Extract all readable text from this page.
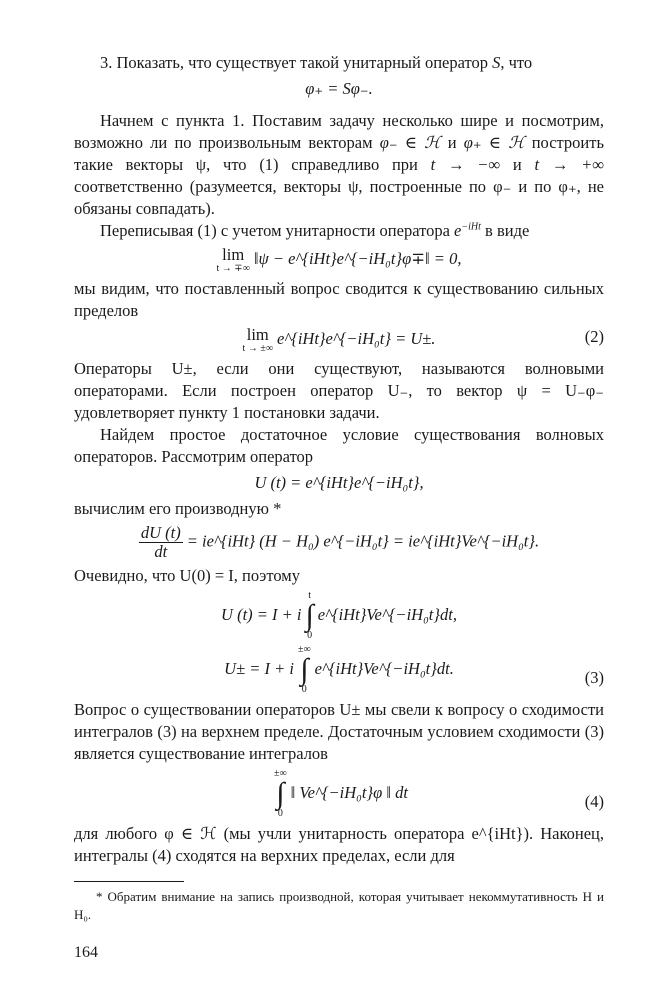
3. Показать, что существует такой унитарный оператор S, что

φ₊ = Sφ₋.

Начнем с пункта 1. Поставим задачу несколько шире и посмотрим, возможно ли по произвольным векторам φ₋ ∈ ℋ и φ₊ ∈ ℋ построить такие векторы ψ, что (1) справедливо при t → −∞ и t → +∞ соответственно (разумеется, векторы ψ, построенные по φ₋ и по φ₊, не обязаны совпадать).

Переписывая (1) с учетом унитарности оператора $e^{-iHt}$ в виде

lim
t → ∓∞
‖ψ − e^{iHt}e^{−iH₀t}φ∓‖ = 0,

мы видим, что поставленный вопрос сводится к существованию сильных пределов

lim
t → ±∞
e^{iHt}e^{−iH₀t} = U±.	(2)

Операторы U±, если они существуют, называются волновыми операторами. Если построен оператор U₋, то вектор ψ = U₋φ₋ удовлетворяет пункту 1 постановки задачи.

Найдем простое достаточное условие существования волновых операторов. Рассмотрим оператор

U (t) = e^{iHt}e^{−iH₀t},

вычислим его производную *

$\frac{dU (t)}{dt}$ = ie^{iHt} (H − H₀) e^{−iH₀t} = ie^{iHt}Ve^{−iH₀t}.

Очевидно, что U(0) = I, поэтому

U (t) = I + i
t
∫
0
e^{iHt}Ve^{−iH₀t}dt,
U± = I + i
±∞
∫
0
e^{iHt}Ve^{−iH₀t}dt.	(3)

Вопрос о существовании операторов U± мы свели к вопросу о сходимости интегралов (3) на верхнем пределе. Достаточным условием сходимости (3) является существование интегралов

±∞
∫
0
‖ Ve^{−iH₀t}φ ‖ dt	(4)

для любого φ ∈ ℋ (мы учли унитарность оператора e^{iHt}). Наконец, интегралы (4) сходятся на верхних пределах, если для

* Обратим внимание на запись производной, которая учитывает некоммутативность H и H₀.

164
